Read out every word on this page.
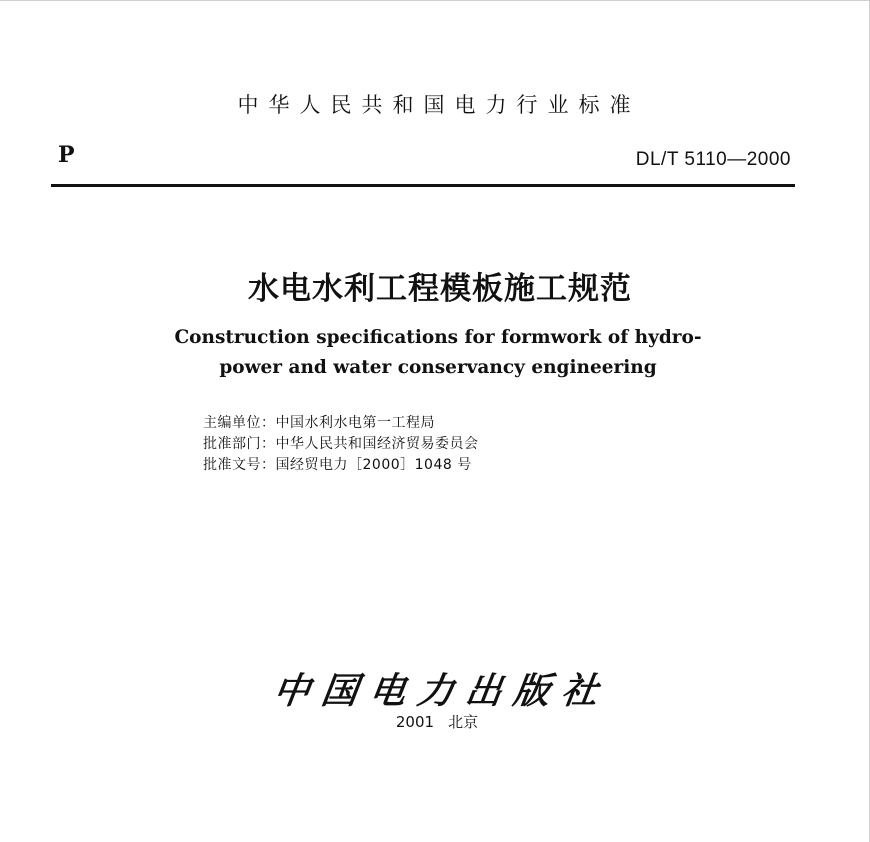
中华人民共和国电力行业标准
P	DL/T 5110—2000
水电水利工程模板施工规范
Construction specifications for formwork of hydro-
power and water conservancy engineering
主编单位：中国水利水电第一工程局
批准部门：中华人民共和国经济贸易委员会
批准文号：国经贸电力［2000］1048 号
中国电力出版社
2001 北京
